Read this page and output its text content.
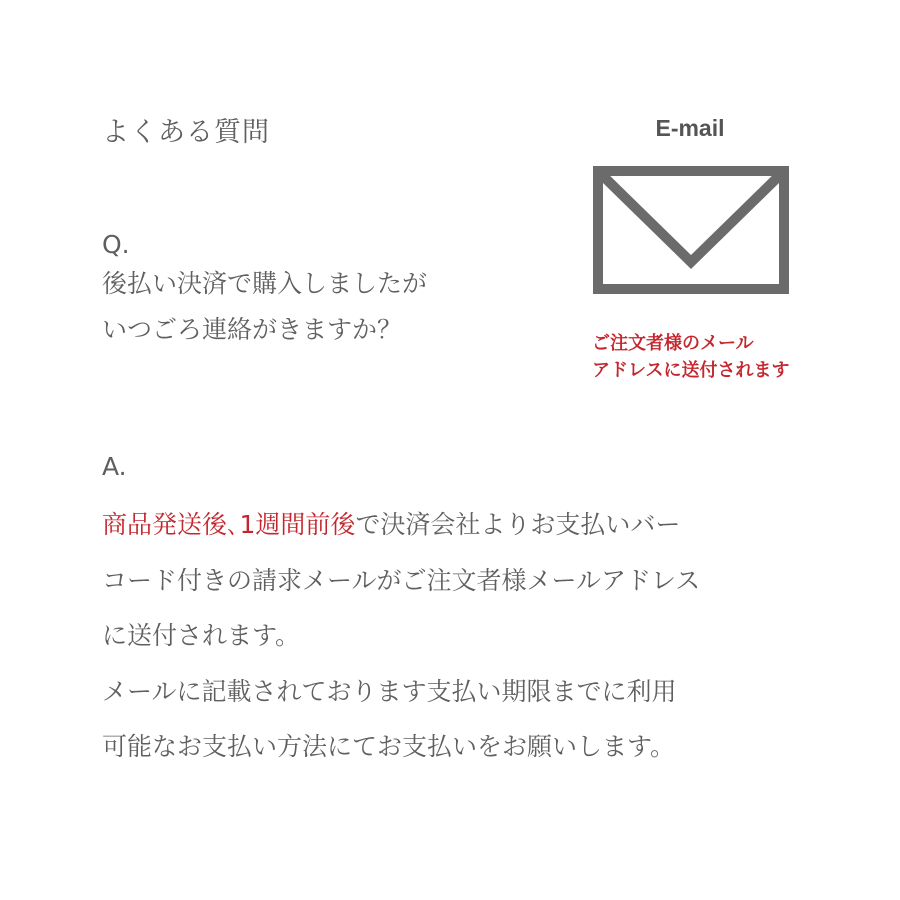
よくある質問
Q.
後払い決済で購入しましたが
いつごろ連絡がきますか？
E-mail
ご注文者様のメール
アドレスに送付されます
A.
商品発送後､1週間前後で決済会社よりお支払いバー
コード付きの請求メールがご注文者様メールアドレス
に送付されます。
メールに記載されております支払い期限までに利用
可能なお支払い方法にてお支払いをお願いします。
